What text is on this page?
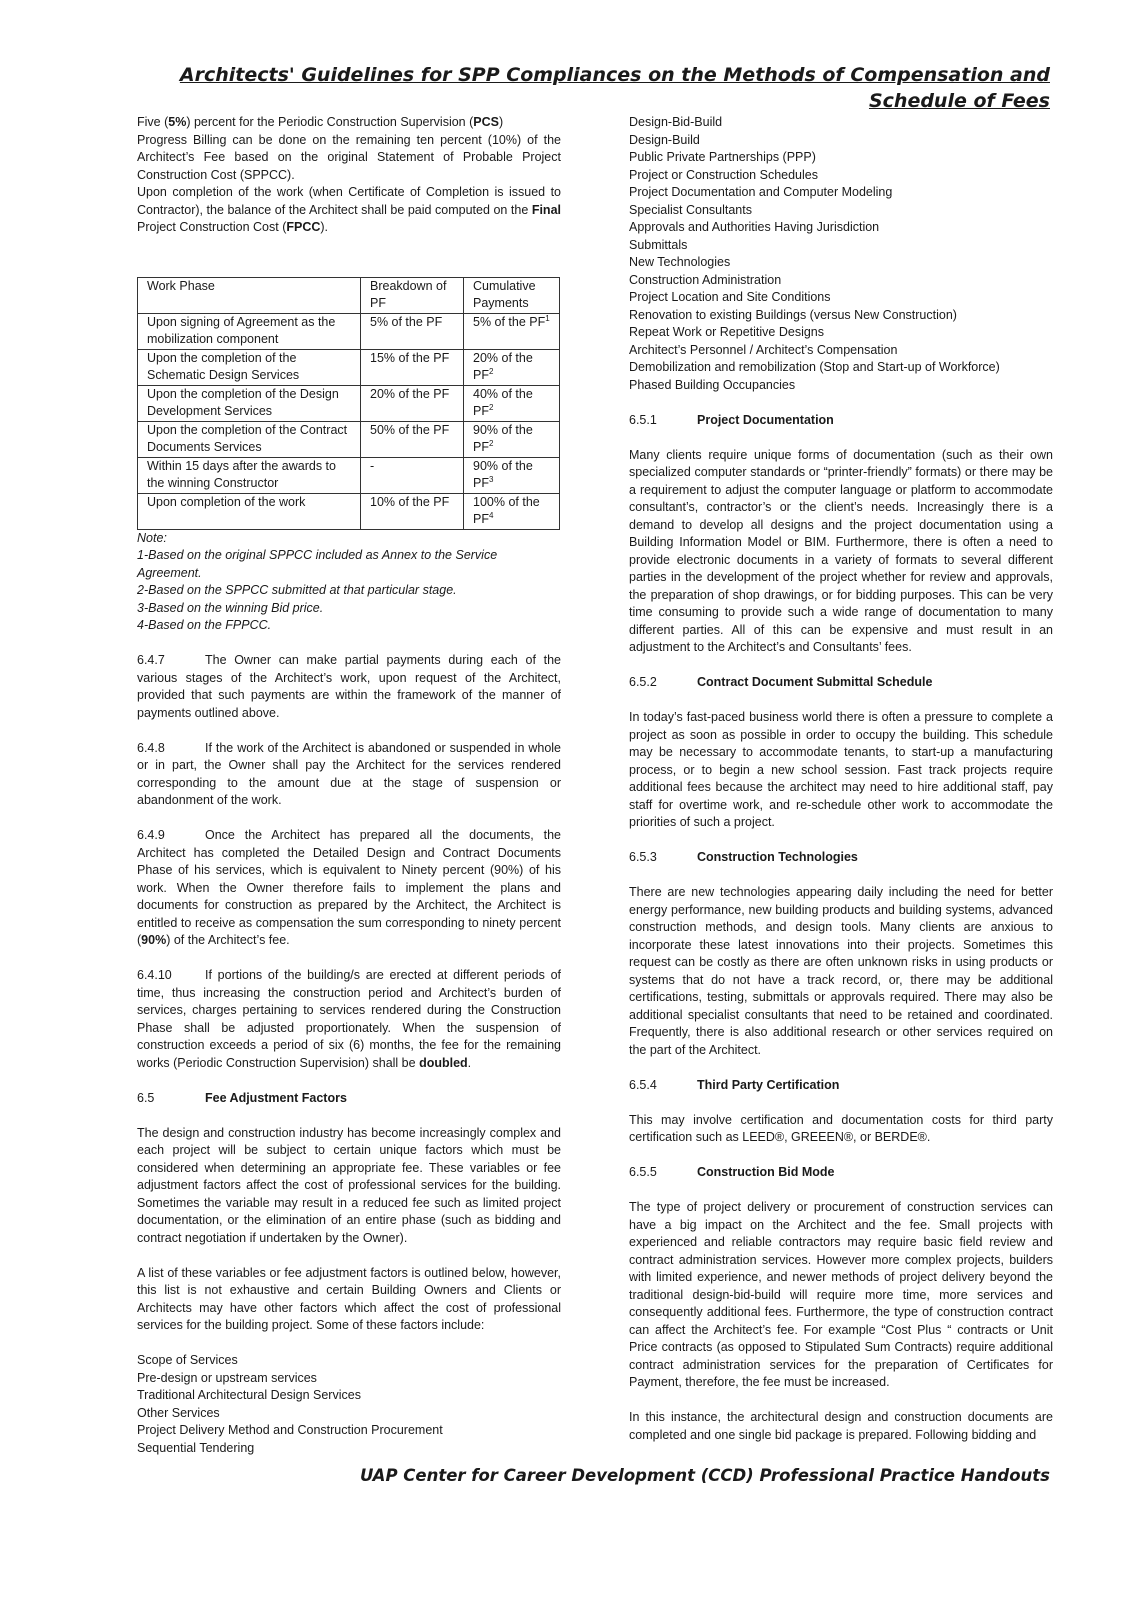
Architects' Guidelines for SPP Compliances on the Methods of Compensation and
Schedule of Fees

Five (5%) percent for the Periodic Construction Supervision (PCS)

Progress Billing can be done on the remaining ten percent (10%) of the Architect’s Fee based on the original Statement of Probable Project Construction Cost (SPPCC).

Upon completion of the work (when Certificate of Completion is issued to Contractor), the balance of the Architect shall be paid computed on the Final Project Construction Cost (FPCC).

Work Phase	Breakdown of PF	Cumulative Payments
Upon signing of Agreement as the mobilization component	5% of the PF	5% of the $PF^1$
Upon the completion of the Schematic Design Services	15% of the PF	20% of the $PF^2$
Upon the completion of the Design Development Services	20% of the PF	40% of the $PF^2$
Upon the completion of the Contract Documents Services	50% of the PF	90% of the $PF^2$
Within 15 days after the awards to the winning Constructor	-	90% of the $PF^3$
Upon completion of the work	10% of the PF	100% of the $PF^4$

Note:

1-Based on the original SPPCC included as Annex to the Service Agreement.

2-Based on the SPPCC submitted at that particular stage.

3-Based on the winning Bid price.

4-Based on the FPPCC.

6.4.7	The Owner can make partial payments during each of the various stages of the Architect’s work, upon request of the Architect, provided that such payments are within the framework of the manner of payments outlined above.

6.4.8	If the work of the Architect is abandoned or suspended in whole or in part, the Owner shall pay the Architect for the services rendered corresponding to the amount due at the stage of suspension or abandonment of the work.

6.4.9	Once the Architect has prepared all the documents, the Architect has completed the Detailed Design and Contract Documents Phase of his services, which is equivalent to Ninety percent (90%) of his work. When the Owner therefore fails to implement the plans and documents for construction as prepared by the Architect, the Architect is entitled to receive as compensation the sum corresponding to ninety percent (90%) of the Architect’s fee.

6.4.10	If portions of the building/s are erected at different periods of time, thus increasing the construction period and Architect’s burden of services, charges pertaining to services rendered during the Construction Phase shall be adjusted proportionately. When the suspension of construction exceeds a period of six (6) months, the fee for the remaining works (Periodic Construction Supervision) shall be doubled.

6.5	Fee Adjustment Factors

The design and construction industry has become increasingly complex and each project will be subject to certain unique factors which must be considered when determining an appropriate fee. These variables or fee adjustment factors affect the cost of professional services for the building. Sometimes the variable may result in a reduced fee such as limited project documentation, or the elimination of an entire phase (such as bidding and contract negotiation if undertaken by the Owner).

A list of these variables or fee adjustment factors is outlined below, however, this list is not exhaustive and certain Building Owners and Clients or Architects may have other factors which affect the cost of professional services for the building project. Some of these factors include:

Scope of Services

Pre-design or upstream services

Traditional Architectural Design Services

Other Services

Project Delivery Method and Construction Procurement

Sequential Tendering

Design-Bid-Build

Design-Build

Public Private Partnerships (PPP)

Project or Construction Schedules

Project Documentation and Computer Modeling

Specialist Consultants

Approvals and Authorities Having Jurisdiction

Submittals

New Technologies

Construction Administration

Project Location and Site Conditions

Renovation to existing Buildings (versus New Construction)

Repeat Work or Repetitive Designs

Architect’s Personnel / Architect’s Compensation

Demobilization and remobilization (Stop and Start-up of Workforce)

Phased Building Occupancies

6.5.1	Project Documentation

Many clients require unique forms of documentation (such as their own specialized computer standards or “printer-friendly” formats) or there may be a requirement to adjust the computer language or platform to accommodate consultant’s, contractor’s or the client’s needs. Increasingly there is a demand to develop all designs and the project documentation using a Building Information Model or BIM. Furthermore, there is often a need to provide electronic documents in a variety of formats to several different parties in the development of the project whether for review and approvals, the preparation of shop drawings, or for bidding purposes. This can be very time consuming to provide such a wide range of documentation to many different parties. All of this can be expensive and must result in an adjustment to the Architect’s and Consultants’ fees.

6.5.2	Contract Document Submittal Schedule

In today’s fast-paced business world there is often a pressure to complete a project as soon as possible in order to occupy the building. This schedule may be necessary to accommodate tenants, to start-up a manufacturing process, or to begin a new school session. Fast track projects require additional fees because the architect may need to hire additional staff, pay staff for overtime work, and re-schedule other work to accommodate the priorities of such a project.

6.5.3	Construction Technologies

There are new technologies appearing daily including the need for better energy performance, new building products and building systems, advanced construction methods, and design tools. Many clients are anxious to incorporate these latest innovations into their projects. Sometimes this request can be costly as there are often unknown risks in using products or systems that do not have a track record, or, there may be additional certifications, testing, submittals or approvals required. There may also be additional specialist consultants that need to be retained and coordinated. Frequently, there is also additional research or other services required on the part of the Architect.

6.5.4	Third Party Certification

This may involve certification and documentation costs for third party certification such as LEED®, GREEEN®, or BERDE®.

6.5.5	Construction Bid Mode

The type of project delivery or procurement of construction services can have a big impact on the Architect and the fee. Small projects with experienced and reliable contractors may require basic field review and contract administration services. However more complex projects, builders with limited experience, and newer methods of project delivery beyond the traditional design-bid-build will require more time, more services and consequently additional fees. Furthermore, the type of construction contract can affect the Architect’s fee. For example “Cost Plus “ contracts or Unit Price contracts (as opposed to Stipulated Sum Contracts) require additional contract administration services for the preparation of Certificates for Payment, therefore, the fee must be increased.

In this instance, the architectural design and construction documents are completed and one single bid package is prepared. Following bidding and

UAP Center for Career Development (CCD) Professional Practice Handouts
